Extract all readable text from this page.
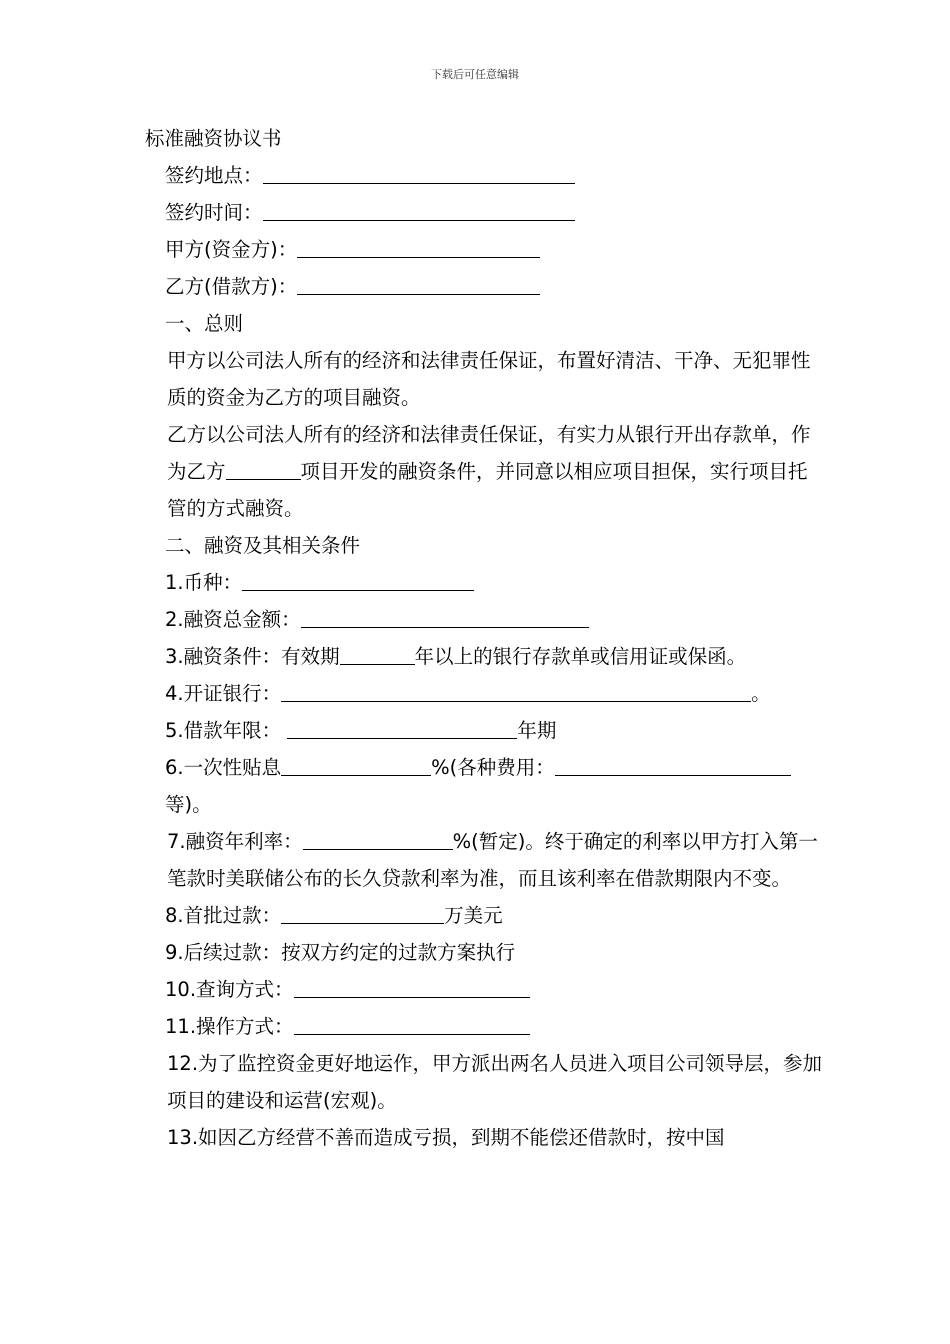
下载后可任意编辑
标准融资协议书
签约地点：
签约时间：
甲方(资金方)：
乙方(借款方)：
一、总则
甲方以公司法人所有的经济和法律责任保证，布置好清洁、干净、无犯罪性质的资金为乙方的项目融资。
乙方以公司法人所有的经济和法律责任保证，有实力从银行开出存款单，作为乙方	项目开发的融资条件，并同意以相应项目担保，实行项目托管的方式融资。
二、融资及其相关条件
1.币种：
2.融资总金额：
3.融资条件：有效期	年以上的银行存款单或信用证或保函。
4.开证银行：	。
5.借款年限：	年期
6.一次性贴息	%(各种费用：等)。
7.融资年利率：	%(暂定)。终于确定的利率以甲方打入第一笔款时美联储公布的长久贷款利率为准，而且该利率在借款期限内不变。
8.首批过款：	万美元
9.后续过款：按双方约定的过款方案执行
10.查询方式：
11.操作方式：
12.为了监控资金更好地运作，甲方派出两名人员进入项目公司领导层，参加项目的建设和运营(宏观)。
13.如因乙方经营不善而造成亏损，到期不能偿还借款时，按中国
